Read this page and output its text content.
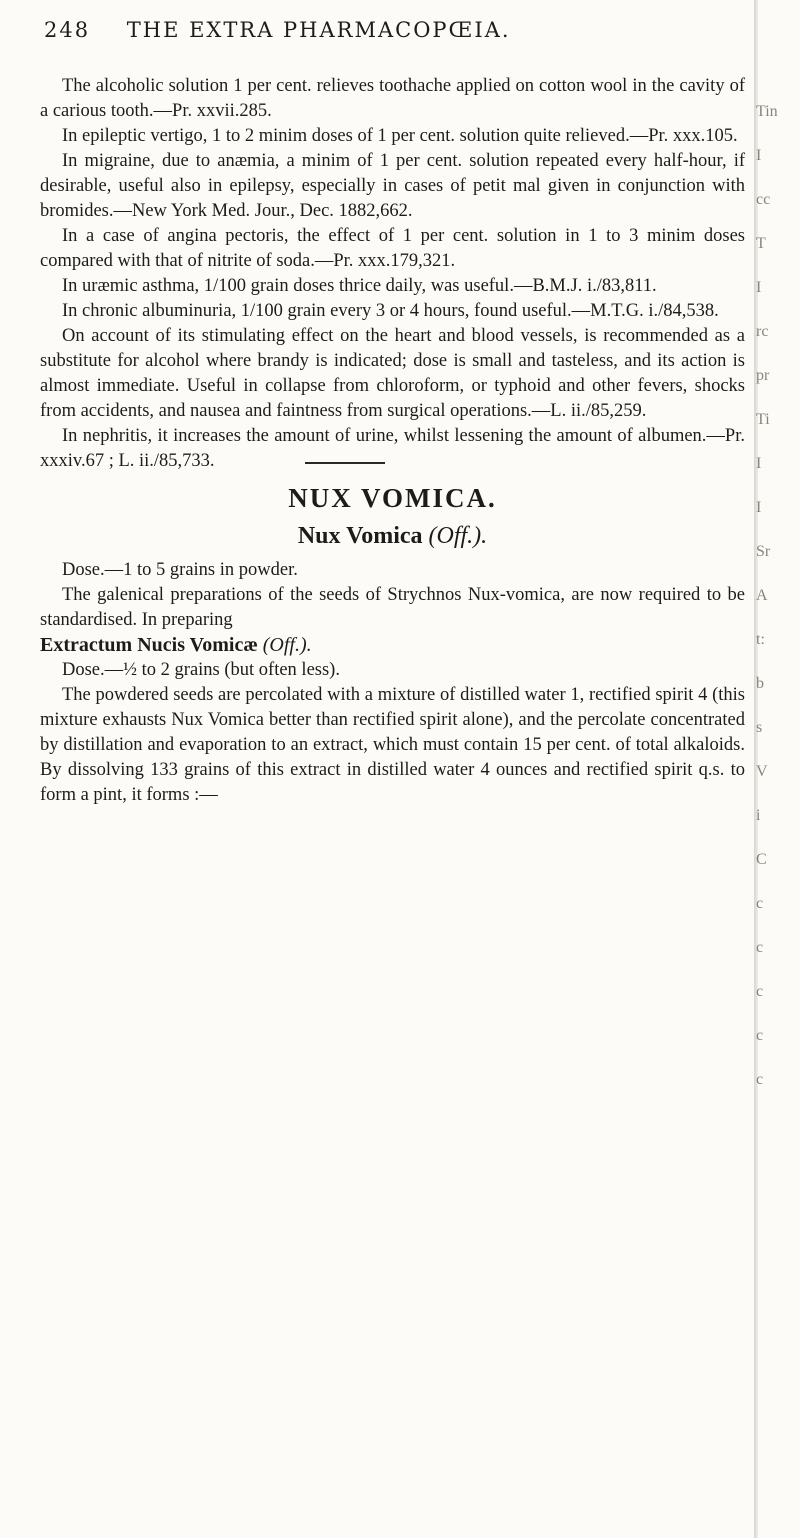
248 THE EXTRA PHARMACOPŒIA.

The alcoholic solution 1 per cent. relieves toothache applied on cotton wool in the cavity of a carious tooth.—Pr. xxvii.285.

In epileptic vertigo, 1 to 2 minim doses of 1 per cent. solution quite relieved.—Pr. xxx.105.

In migraine, due to anæmia, a minim of 1 per cent. solution repeated every half-hour, if desirable, useful also in epilepsy, especially in cases of petit mal given in conjunction with bromides.—New York Med. Jour., Dec. 1882,662.

In a case of angina pectoris, the effect of 1 per cent. solution in 1 to 3 minim doses compared with that of nitrite of soda.—Pr. xxx.179,321.

In uræmic asthma, 1/100 grain doses thrice daily, was useful.—B.M.J. i./83,811.

In chronic albuminuria, 1/100 grain every 3 or 4 hours, found useful.—M.T.G. i./84,538.

On account of its stimulating effect on the heart and blood vessels, is recommended as a substitute for alcohol where brandy is indicated; dose is small and tasteless, and its action is almost immediate. Useful in collapse from chloroform, or typhoid and other fevers, shocks from accidents, and nausea and faintness from surgical operations.—L. ii./85,259.

In nephritis, it increases the amount of urine, whilst lessening the amount of albumen.—Pr. xxxiv.67 ; L. ii./85,733.

NUX VOMICA.
Nux Vomica (Off.).

Dose.—1 to 5 grains in powder.

The galenical preparations of the seeds of Strychnos Nux-vomica, are now required to be standardised. In preparing

Extractum Nucis Vomicæ (Off.).

Dose.—½ to 2 grains (but often less).

The powdered seeds are percolated with a mixture of distilled water 1, rectified spirit 4 (this mixture exhausts Nux Vomica better than rectified spirit alone), and the percolate concentrated by distillation and evaporation to an extract, which must contain 15 per cent. of total alkaloids. By dissolving 133 grains of this extract in distilled water 4 ounces and rectified spirit q.s. to form a pint, it forms :—

Tin
I
cc
T
I
rc
pr
Ti
I
I
Sr
A
t:
b
s
V
i
C
c
c
c
c
c
